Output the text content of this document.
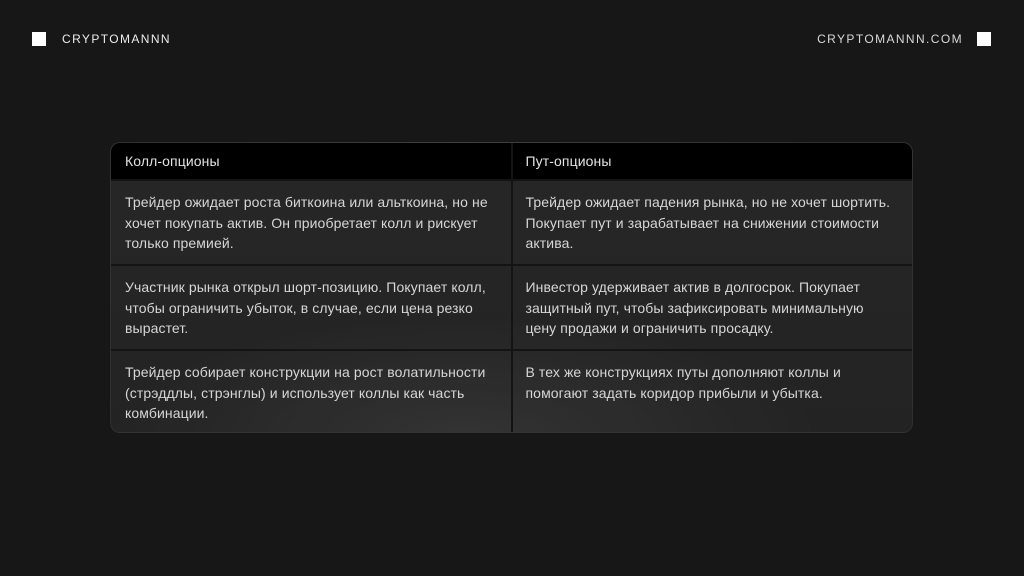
CRYPTOMANNN	CRYPTOMANNN.COM
Колл-опционы	Пут-опционы
Трейдер ожидает роста биткоина или альткоина, но не хочет покупать актив. Он приобретает колл и рискует только премией.
Трейдер ожидает падения рынка, но не хочет шортить. Покупает пут и зарабатывает на снижении стоимости актива.
Участник рынка открыл шорт-позицию. Покупает колл, чтобы ограничить убыток, в случае, если цена резко вырастет.
Инвестор удерживает актив в долгосрок. Покупает защитный пут, чтобы зафиксировать минимальную цену продажи и ограничить просадку.
Трейдер собирает конструкции на рост волатильности (стрэддлы, стрэнглы) и использует коллы как часть комбинации.
В тех же конструкциях путы дополняют коллы и помогают задать коридор прибыли и убытка.
